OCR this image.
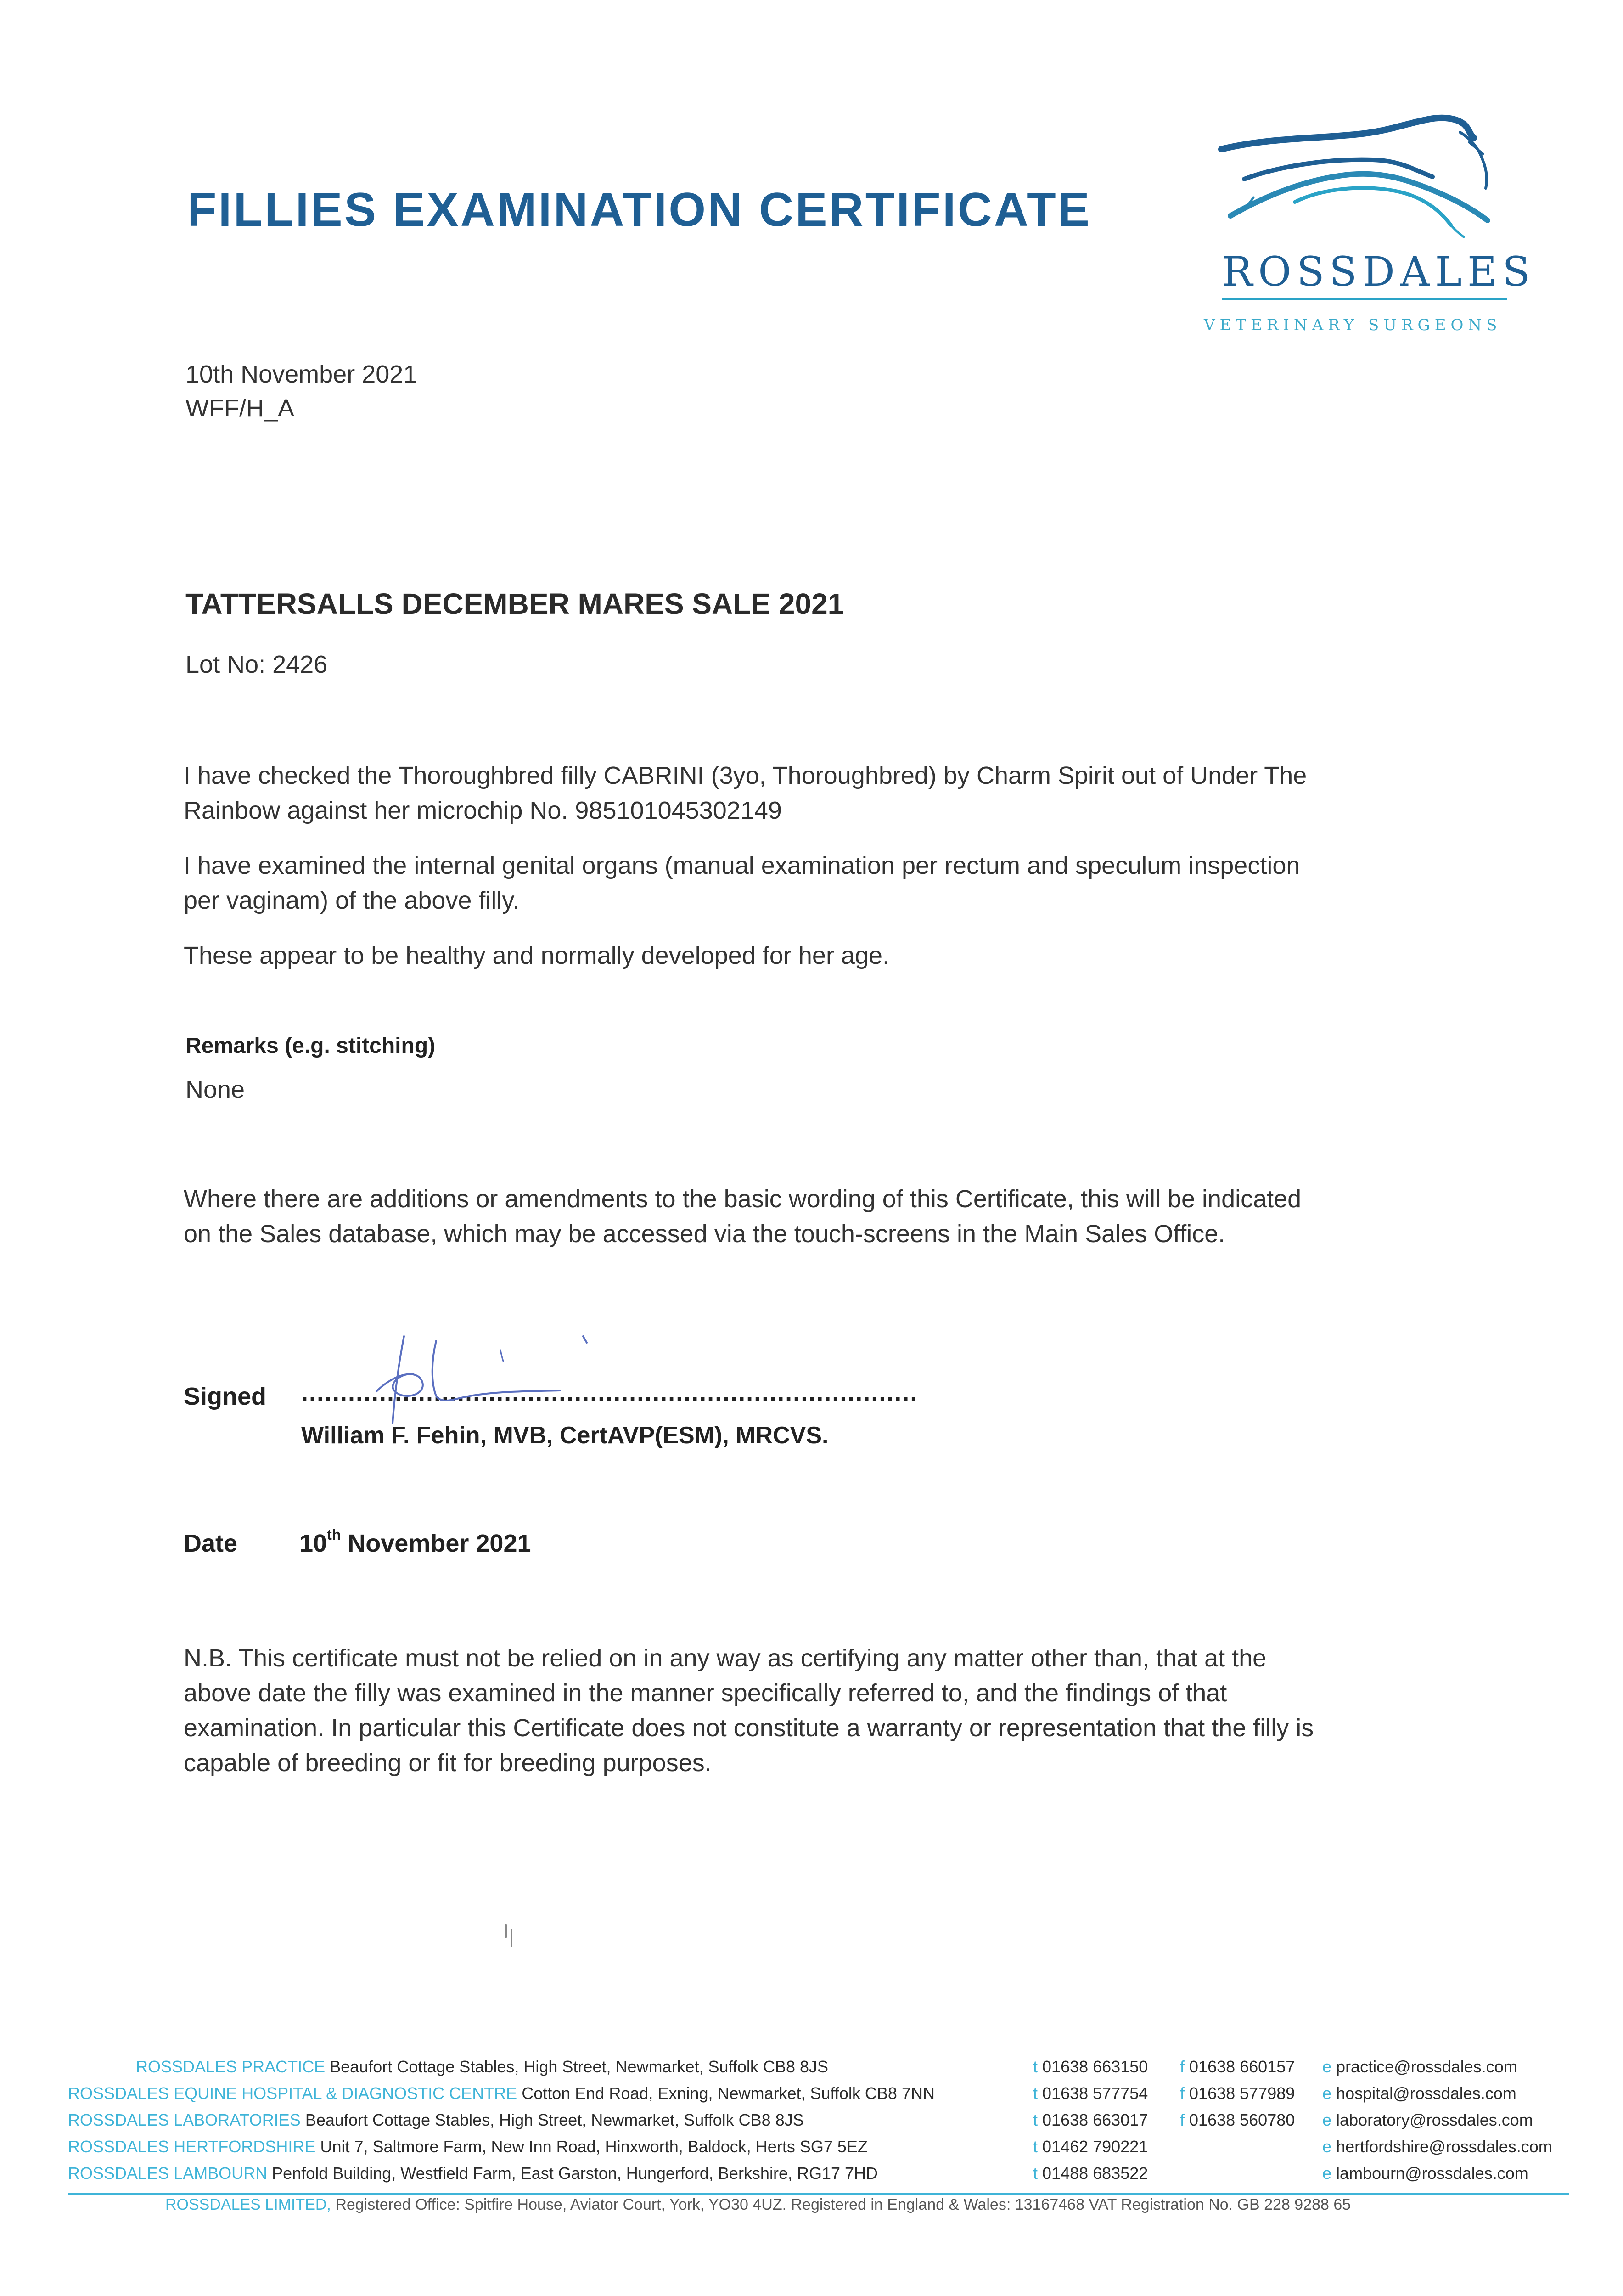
FILLIES EXAMINATION CERTIFICATE
ROSSDALES
VETERINARY SURGEONS
10th November 2021
WFF/H_A
TATTERSALLS DECEMBER MARES SALE 2021
Lot No: 2426
I have checked the Thoroughbred filly CABRINI (3yo, Thoroughbred) by Charm Spirit out of Under The
Rainbow against her microchip No. 985101045302149
I have examined the internal genital organs (manual examination per rectum and speculum inspection
per vaginam) of the above filly.
These appear to be healthy and normally developed for her age.
Remarks (e.g. stitching)
None
Where there are additions or amendments to the basic wording of this Certificate, this will be indicated
on the Sales database, which may be accessed via the touch-screens in the Main Sales Office.
Signed ...............................................................................
William F. Fehin, MVB, CertAVP(ESM), MRCVS.
Date 10th November 2021
N.B. This certificate must not be relied on in any way as certifying any matter other than, that at the
above date the filly was examined in the manner specifically referred to, and the findings of that
examination. In particular this Certificate does not constitute a warranty or representation that the filly is
capable of breeding or fit for breeding purposes.
ROSSDALES PRACTICE Beaufort Cottage Stables, High Street, Newmarket, Suffolk CB8 8JS	t 01638 663150 f 01638 660157 e practice@rossdales.com
ROSSDALES EQUINE HOSPITAL & DIAGNOSTIC CENTRE Cotton End Road, Exning, Newmarket, Suffolk CB8 7NN	t 01638 577754 f 01638 577989 e hospital@rossdales.com
ROSSDALES LABORATORIES Beaufort Cottage Stables, High Street, Newmarket, Suffolk CB8 8JS	t 01638 663017 f 01638 560780 e laboratory@rossdales.com
ROSSDALES HERTFORDSHIRE Unit 7, Saltmore Farm, New Inn Road, Hinxworth, Baldock, Herts SG7 5EZ	t 01462 790221	e hertfordshire@rossdales.com
ROSSDALES LAMBOURN Penfold Building, Westfield Farm, East Garston, Hungerford, Berkshire, RG17 7HD	t 01488 683522	e lambourn@rossdales.com
ROSSDALES LIMITED, Registered Office: Spitfire House, Aviator Court, York, YO30 4UZ. Registered in England & Wales: 13167468 VAT Registration No. GB 228 9288 65
